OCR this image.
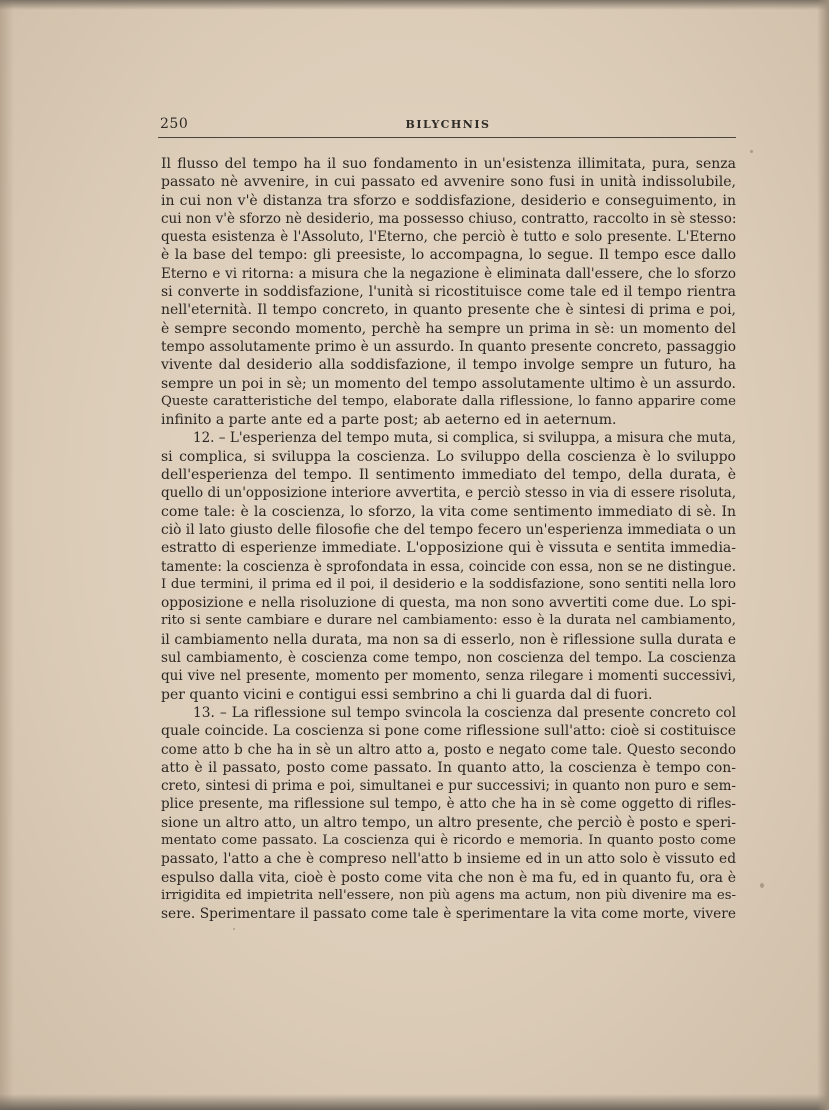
250	BILYCHNIS
Il flusso del tempo ha il suo fondamento in un'esistenza illimitata, pura, senza
passato nè avvenire, in cui passato ed avvenire sono fusi in unità indissolubile,
in cui non v'è distanza tra sforzo e soddisfazione, desiderio e conseguimento, in
cui non v'è sforzo nè desiderio, ma possesso chiuso, contratto, raccolto in sè stesso:
questa esistenza è l'Assoluto, l'Eterno, che perciò è tutto e solo presente. L'Eterno
è la base del tempo: gli preesiste, lo accompagna, lo segue. Il tempo esce dallo
Eterno e vi ritorna: a misura che la negazione è eliminata dall'essere, che lo sforzo
si converte in soddisfazione, l'unità si ricostituisce come tale ed il tempo rientra
nell'eternità. Il tempo concreto, in quanto presente che è sintesi di prima e poi,
è sempre secondo momento, perchè ha sempre un prima in sè: un momento del
tempo assolutamente primo è un assurdo. In quanto presente concreto, passaggio
vivente dal desiderio alla soddisfazione, il tempo involge sempre un futuro, ha
sempre un poi in sè; un momento del tempo assolutamente ultimo è un assurdo.
Queste caratteristiche del tempo, elaborate dalla riflessione, lo fanno apparire come
infinito a parte ante ed a parte post; ab aeterno ed in aeternum.
12. – L'esperienza del tempo muta, si complica, si sviluppa, a misura che muta,
si complica, si sviluppa la coscienza. Lo sviluppo della coscienza è lo sviluppo
dell'esperienza del tempo. Il sentimento immediato del tempo, della durata, è
quello di un'opposizione interiore avvertita, e perciò stesso in via di essere risoluta,
come tale: è la coscienza, lo sforzo, la vita come sentimento immediato di sè. In
ciò il lato giusto delle filosofie che del tempo fecero un'esperienza immediata o un
estratto di esperienze immediate. L'opposizione qui è vissuta e sentita immedia-
tamente: la coscienza è sprofondata in essa, coincide con essa, non se ne distingue.
I due termini, il prima ed il poi, il desiderio e la soddisfazione, sono sentiti nella loro
opposizione e nella risoluzione di questa, ma non sono avvertiti come due. Lo spi-
rito si sente cambiare e durare nel cambiamento: esso è la durata nel cambiamento,
il cambiamento nella durata, ma non sa di esserlo, non è riflessione sulla durata e
sul cambiamento, è coscienza come tempo, non coscienza del tempo. La coscienza
qui vive nel presente, momento per momento, senza rilegare i momenti successivi,
per quanto vicini e contigui essi sembrino a chi li guarda dal di fuori.
13. – La riflessione sul tempo svincola la coscienza dal presente concreto col
quale coincide. La coscienza si pone come riflessione sull'atto: cioè si costituisce
come atto b che ha in sè un altro atto a, posto e negato come tale. Questo secondo
atto è il passato, posto come passato. In quanto atto, la coscienza è tempo con-
creto, sintesi di prima e poi, simultanei e pur successivi; in quanto non puro e sem-
plice presente, ma riflessione sul tempo, è atto che ha in sè come oggetto di rifles-
sione un altro atto, un altro tempo, un altro presente, che perciò è posto e speri-
mentato come passato. La coscienza qui è ricordo e memoria. In quanto posto come
passato, l'atto a che è compreso nell'atto b insieme ed in un atto solo è vissuto ed
espulso dalla vita, cioè è posto come vita che non è ma fu, ed in quanto fu, ora è
irrigidita ed impietrita nell'essere, non più agens ma actum, non più divenire ma es-
sere. Sperimentare il passato come tale è sperimentare la vita come morte, vivere
